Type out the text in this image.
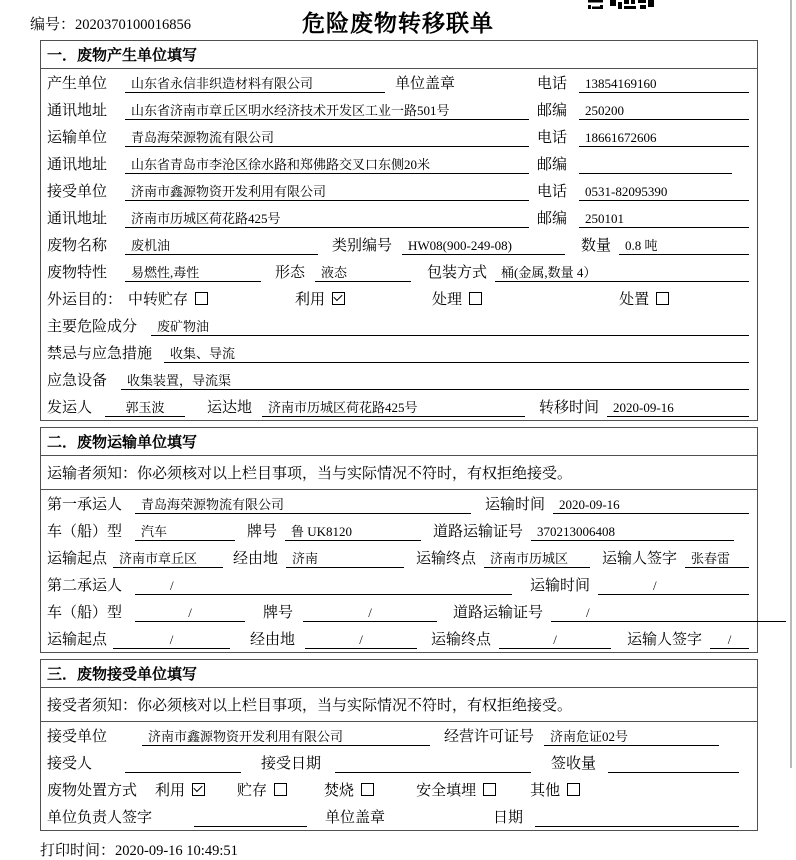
编号：2020370100016856	危险废物转移联单
一．废物产生单位填写
产生单位	山东省永信非织造材料有限公司	单位盖章	电话	13854169160
通讯地址	山东省济南市章丘区明水经济技术开发区工业一路501号	邮编	250200
运输单位	青岛海荣源物流有限公司	电话	18661672606
通讯地址	山东省青岛市李沧区徐水路和郑佛路交叉口东侧20米	邮编
接受单位	济南市鑫源物资开发利用有限公司	电话	0531-82095390
通讯地址	济南市历城区荷花路425号	邮编	250101
废物名称	废机油	类别编号	HW08(900-249-08)	数量	0.8 吨
废物特性	易燃性,毒性	形态	液态	包装方式	桶(金属,数量 4）
外运目的： 中转贮存	利用	处理	处置
主要危险成分	废矿物油
禁忌与应急措施	收集、导流
应急设备	收集装置，导流渠
发运人	郭玉波	运达地	济南市历城区荷花路425号	转移时间	2020-09-16
二．废物运输单位填写
运输者须知：你必须核对以上栏目事项，当与实际情况不符时，有权拒绝接受。
第一承运人	青岛海荣源物流有限公司	运输时间	2020-09-16
车（船）型	汽车	牌号	鲁 UK8120	道路运输证号	370213006408
运输起点 济南市章丘区	经由地	济南	运输终点	济南市历城区	运输人签字	张春雷
第二承运人	/	运输时间	/
车（船）型	/	牌号	/	道路运输证号	/
运输起点	/	经由地	/	运输终点	/	运输人签字	/
三．废物接受单位填写
接受者须知：你必须核对以上栏目事项，当与实际情况不符时，有权拒绝接受。
接受单位	济南市鑫源物资开发利用有限公司	经营许可证号	济南危证02号
接受人	接受日期	签收量
废物处置方式 利用	贮存	焚烧	安全填埋	其他
单位负责人签字	单位盖章	日期
打印时间：2020-09-16 10:49:51
